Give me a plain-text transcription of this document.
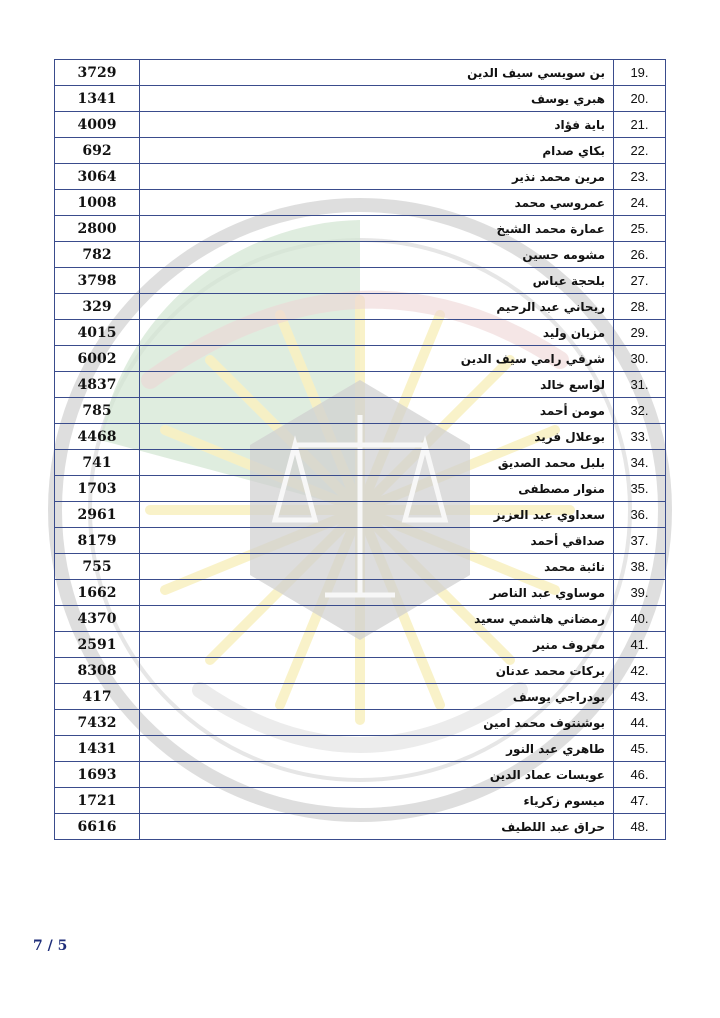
3729	بن سويسي سيف الدين	19.
1341	هبري يوسف	20.
4009	باية فؤاد	21.
692	بكاي صدام	22.
3064	مرين محمد نذير	23.
1008	عمروسي محمد	24.
2800	عمارة محمد الشيخ	25.
782	مشومه حسين	26.
3798	بلحجة عباس	27.
329	ريحاني عبد الرحيم	28.
4015	مزيان وليد	29.
6002	شرفي رامي سيف الدين	30.
4837	لواسع خالد	31.
785	مومن أحمد	32.
4468	بوعلال فريد	33.
741	بلبل محمد الصديق	34.
1703	منوار مصطفى	35.
2961	سعداوي عبد العزيز	36.
8179	صداقي أحمد	37.
755	نائبة محمد	38.
1662	موساوي عبد الناصر	39.
4370	رمضاني هاشمي سعيد	40.
2591	معروف منير	41.
8308	بركات محمد عدنان	42.
417	بودراجي يوسف	43.
7432	بوشنتوف محمد امين	44.
1431	طاهري عبد النور	45.
1693	عويسات عماد الدين	46.
1721	ميسوم زكرياء	47.
6616	حراق عبد اللطيف	48.
7 / 5
